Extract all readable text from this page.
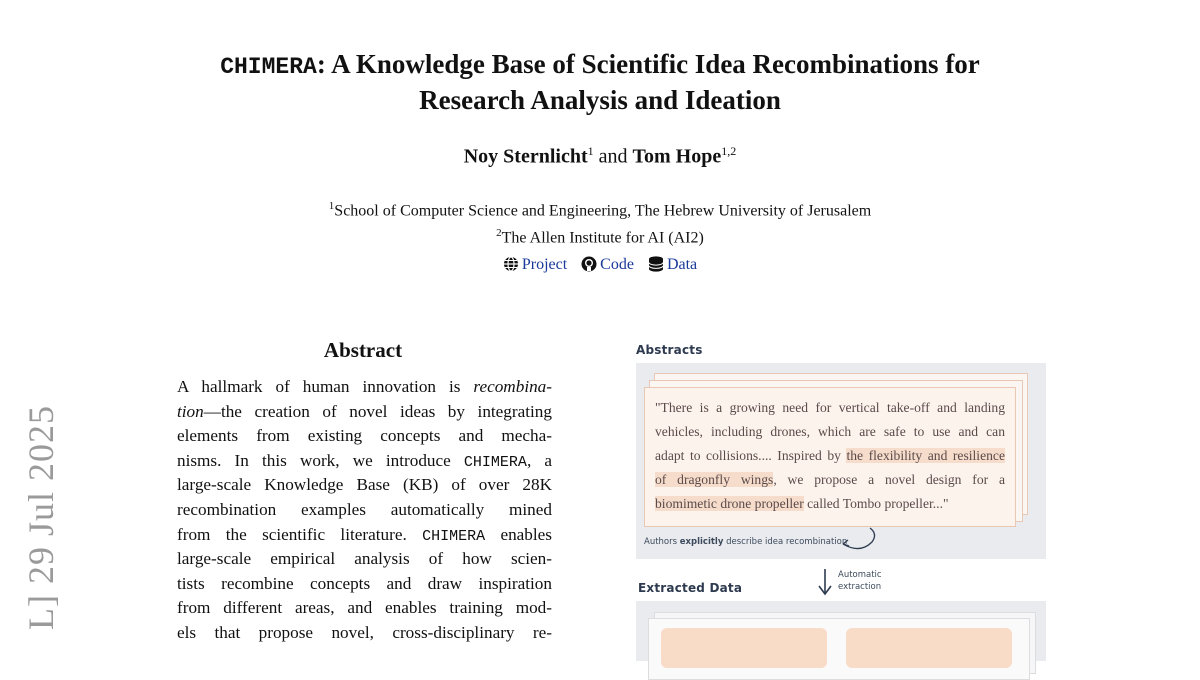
L] 29 Jul 2025
CHIMERA: A Knowledge Base of Scientific Idea Recombinations for
Research Analysis and Ideation
Noy Sternlicht$^1$ and Tom Hope$^{1,2}$
$^1$School of Computer Science and Engineering, The Hebrew University of Jerusalem
$^2$The Allen Institute for AI (AI2)
Project Code Data
Abstract
A hallmark of human innovation is recombina-
tion—the creation of novel ideas by integrating
elements from existing concepts and mecha-
nisms. In this work, we introduce CHIMERA, a
large-scale Knowledge Base (KB) of over 28K
recombination examples automatically mined
from the scientific literature. CHIMERA enables
large-scale empirical analysis of how scien-
tists recombine concepts and draw inspiration
from different areas, and enables training mod-
els that propose novel, cross-disciplinary re-
Abstracts
"There is a growing need for vertical take-off and landing
vehicles, including drones, which are safe to use and can
adapt to collisions.... Inspired by the flexibility and resilience
of dragonfly wings, we propose a novel design for a
biomimetic drone propeller called Tombo propeller..."
Authors explicitly describe idea recombination
Automatic
extraction
Extracted Data
